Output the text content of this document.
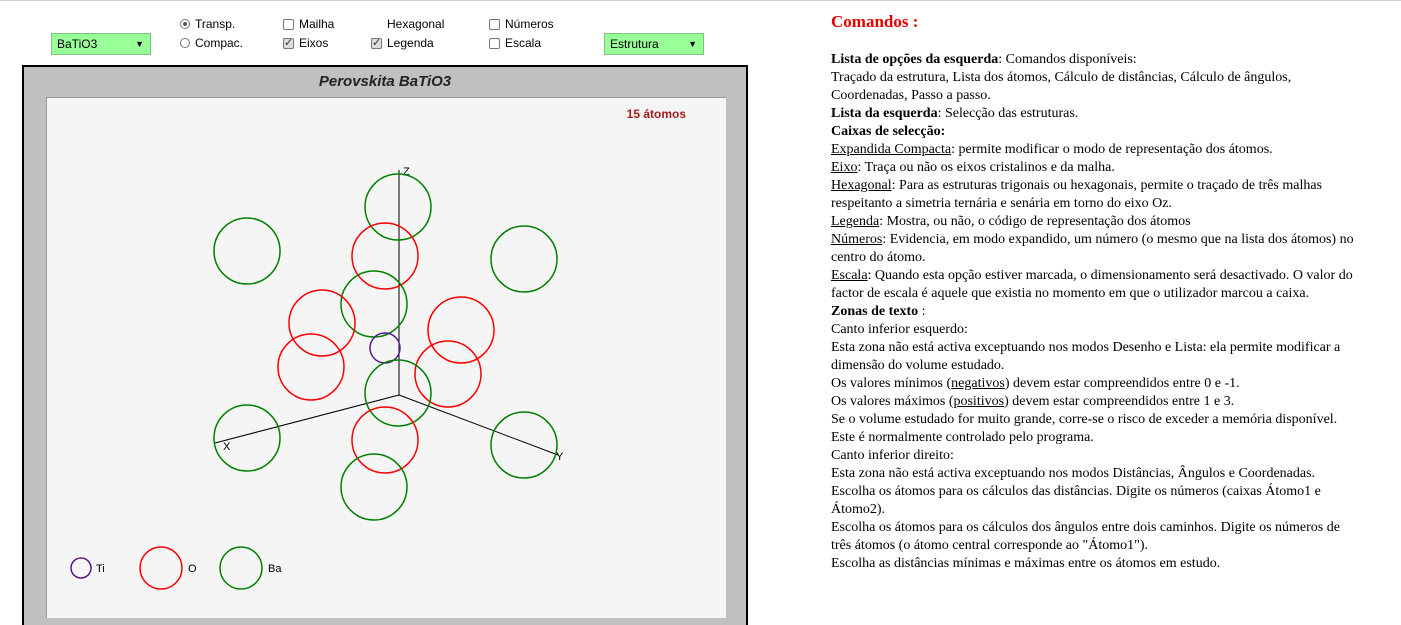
BaTiO3	▼
Transp.
Compac.
Mailha
✓
Eixos
Hexagonal
✓
Legenda
Números
Escala	Estrutura	▼
Perovskita BaTiO3
15 átomos
Z
X
Y
Ti	O	Ba
Comandos :

Lista de opções da esquerda: Comandos disponíveis:

Traçado da estrutura, Lista dos átomos, Cálculo de distâncias, Cálculo de ângulos, Coordenadas, Passo a passo.

Lista da esquerda: Selecção das estruturas.

Caixas de selecção:

Expandida Compacta: permite modificar o modo de representação dos átomos.

Eixo: Traça ou não os eixos cristalinos e da malha.

Hexagonal: Para as estruturas trigonais ou hexagonais, permite o traçado de três malhas respeitanto a simetria ternária e senária em torno do eixo Oz.

Legenda: Mostra, ou não, o código de representação dos átomos

Números: Evidencia, em modo expandido, um número (o mesmo que na lista dos átomos) no centro do átomo.

Escala: Quando esta opção estiver marcada, o dimensionamento será desactivado. O valor do factor de escala é aquele que existia no momento em que o utilizador marcou a caixa.

Zonas de texto :

Canto inferior esquerdo:

Esta zona não está activa exceptuando nos modos Desenho e Lista: ela permite modificar a dimensão do volume estudado.

Os valores mínimos (negativos) devem estar compreendidos entre 0 e -1.

Os valores máximos (positivos) devem estar compreendidos entre 1 e 3.

Se o volume estudado for muito grande, corre-se o risco de exceder a memória disponível. Este é normalmente controlado pelo programa.

Canto inferior direito:

Esta zona não está activa exceptuando nos modos Distâncias, Ângulos e Coordenadas.

Escolha os átomos para os cálculos das distâncias. Digite os números (caixas Átomo1 e Átomo2).

Escolha os átomos para os cálculos dos ângulos entre dois caminhos. Digite os números de três átomos (o átomo central corresponde ao "Átomo1").

Escolha as distâncias mínimas e máximas entre os átomos em estudo.
